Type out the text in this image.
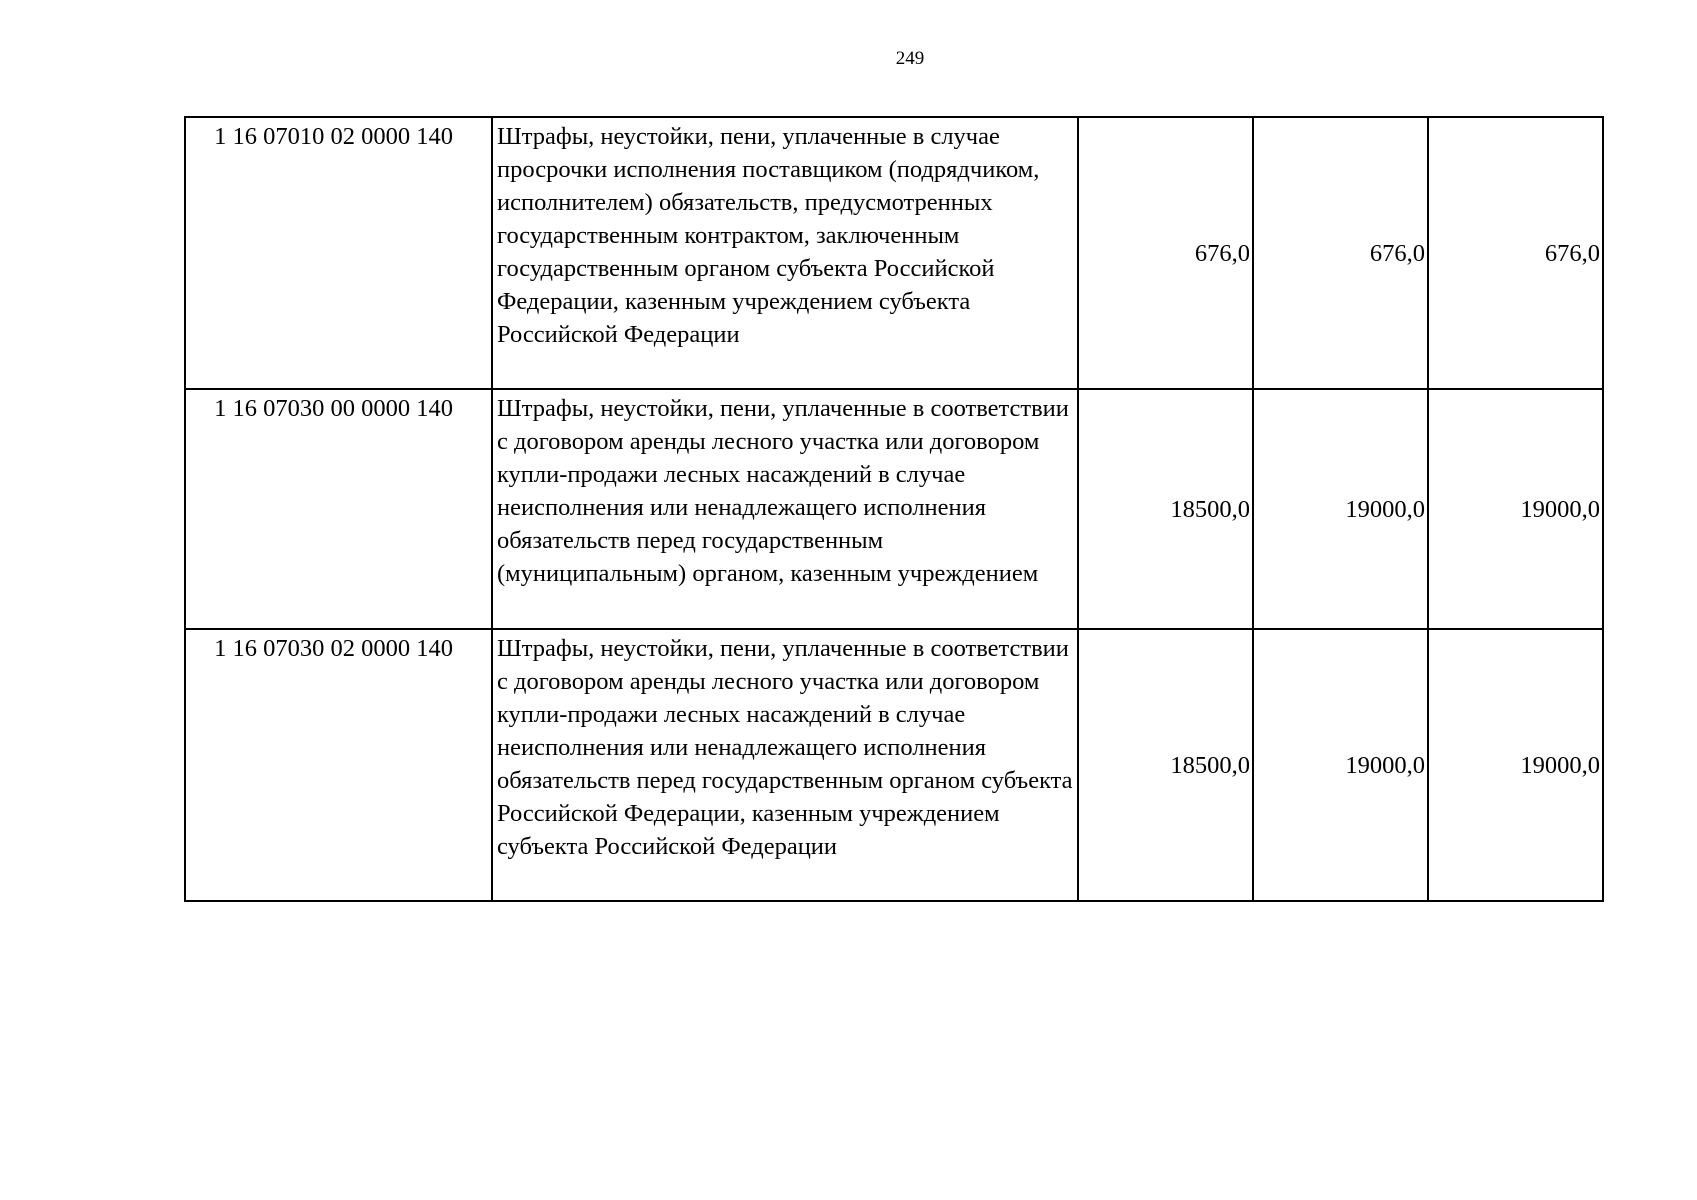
249
1 16 07010 02 0000 140	Штрафы, неустойки, пени, уплаченные в случае просрочки исполнения поставщиком (подрядчиком, исполнителем) обязательств, предусмотренных государственным контрактом, заключенным государственным органом субъекта Российской Федерации, казенным учреждением субъекта Российской Федерации	676,0	676,0	676,0
1 16 07030 00 0000 140	Штрафы, неустойки, пени, уплаченные в соответствии с договором аренды лесного участка или договором купли-продажи лесных насаждений в случае неисполнения или ненадлежащего исполнения обязательств перед государственным (муниципальным) органом, казенным учреждением	18500,0	19000,0	19000,0
1 16 07030 02 0000 140	Штрафы, неустойки, пени, уплаченные в соответствии с договором аренды лесного участка или договором купли-продажи лесных насаждений в случае неисполнения или ненадлежащего исполнения обязательств перед государственным органом субъекта Российской Федерации, казенным учреждением субъекта Российской Федерации	18500,0	19000,0	19000,0
